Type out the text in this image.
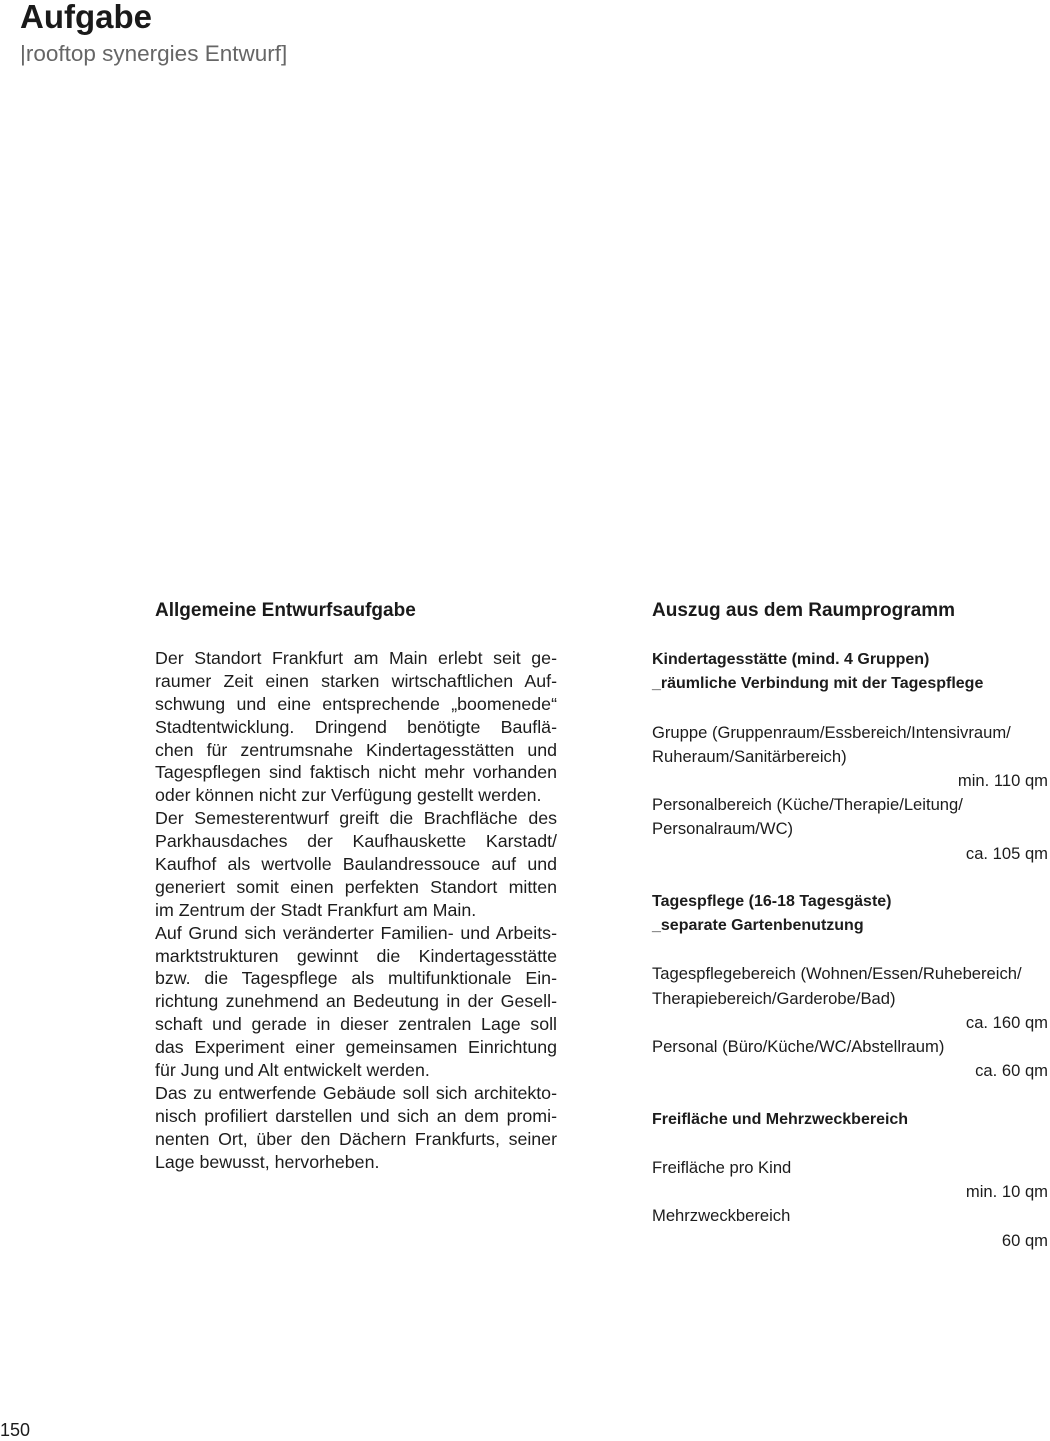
Aufgabe
|rooftop synergies Entwurf]
Allgemeine Entwurfsaufgabe
Der Standort Frankfurt am Main erlebt seit ge-
raumer Zeit einen starken wirtschaftlichen Auf-
schwung und eine entsprechende „boomenede“
Stadtentwicklung. Dringend benötigte Bauflä-
chen für zentrumsnahe Kindertagesstätten und
Tagespflegen sind faktisch nicht mehr vorhanden
oder können nicht zur Verfügung gestellt werden.
Der Semesterentwurf greift die Brachfläche des
Parkhausdaches der Kaufhauskette Karstadt/
Kaufhof als wertvolle Baulandressouce auf und
generiert somit einen perfekten Standort mitten
im Zentrum der Stadt Frankfurt am Main.
Auf Grund sich veränderter Familien- und Arbeits-
marktstrukturen gewinnt die Kindertagesstätte
bzw. die Tagespflege als multifunktionale Ein-
richtung zunehmend an Bedeutung in der Gesell-
schaft und gerade in dieser zentralen Lage soll
das Experiment einer gemeinsamen Einrichtung
für Jung und Alt entwickelt werden.
Das zu entwerfende Gebäude soll sich architekto-
nisch profiliert darstellen und sich an dem promi-
nenten Ort, über den Dächern Frankfurts, seiner
Lage bewusst, hervorheben.
Auszug aus dem Raumprogramm
Kindertagesstätte (mind. 4 Gruppen)
_räumliche Verbindung mit der Tagespflege
Gruppe (Gruppenraum/Essbereich/Intensivraum/
Ruheraum/Sanitärbereich)
min. 110 qm
Personalbereich (Küche/Therapie/Leitung/
Personalraum/WC)
ca. 105 qm
Tagespflege (16-18 Tagesgäste)
_separate Gartenbenutzung
Tagespflegebereich (Wohnen/Essen/Ruhebereich/
Therapiebereich/Garderobe/Bad)
ca. 160 qm
Personal (Büro/Küche/WC/Abstellraum)
ca. 60 qm
Freifläche und Mehrzweckbereich
Freifläche pro Kind
min. 10 qm
Mehrzweckbereich
60 qm
150
